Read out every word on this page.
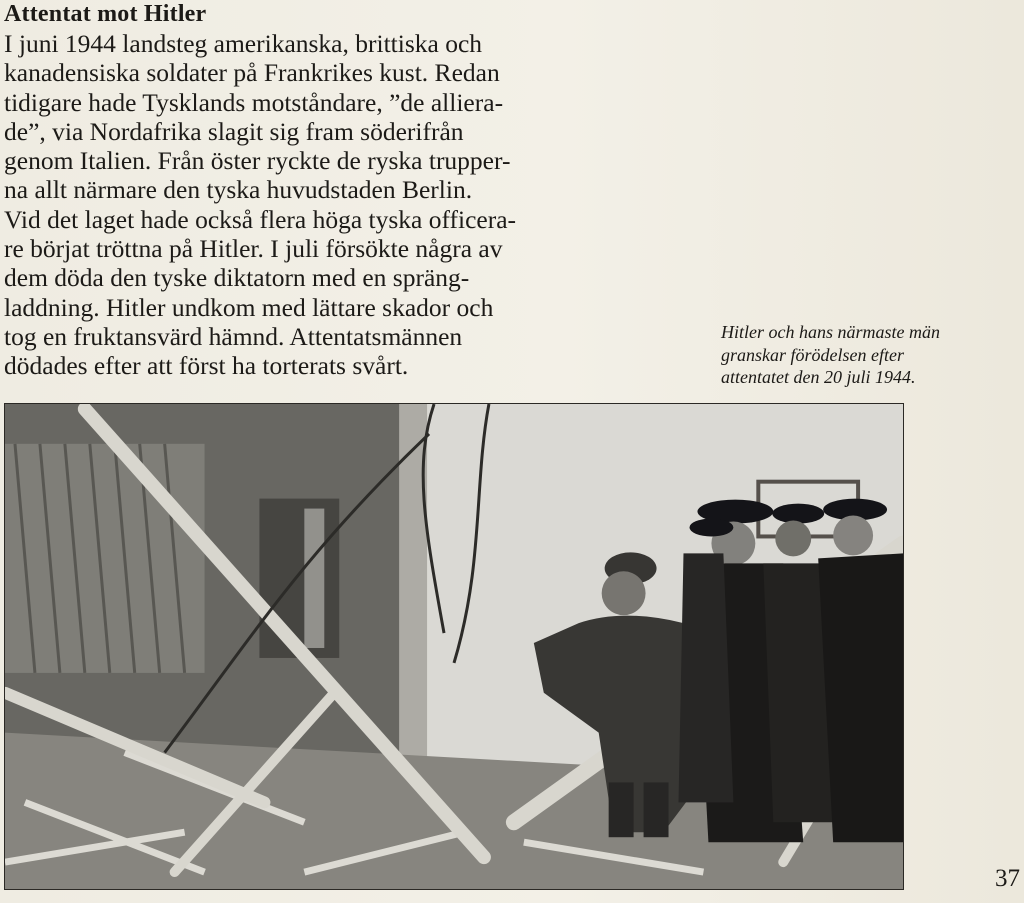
Attentat mot Hitler
I juni 1944 landsteg amerikanska, brittiska och
kanadensiska soldater på Frankrikes kust. Redan
tidigare hade Tysklands motståndare, ”de alliera-
de”, via Nordafrika slagit sig fram söderifrån
genom Italien. Från öster ryckte de ryska trupper-
na allt närmare den tyska huvudstaden Berlin.
Vid det laget hade också flera höga tyska officera-
re börjat tröttna på Hitler. I juli försökte några av
dem döda den tyske diktatorn med en spräng-
laddning. Hitler undkom med lättare skador och
tog en fruktansvärd hämnd. Attentatsmännen
dödades efter att först ha torterats svårt.
Hitler och hans närmaste män
granskar förödelsen efter
attentatet den 20 juli 1944.
37
